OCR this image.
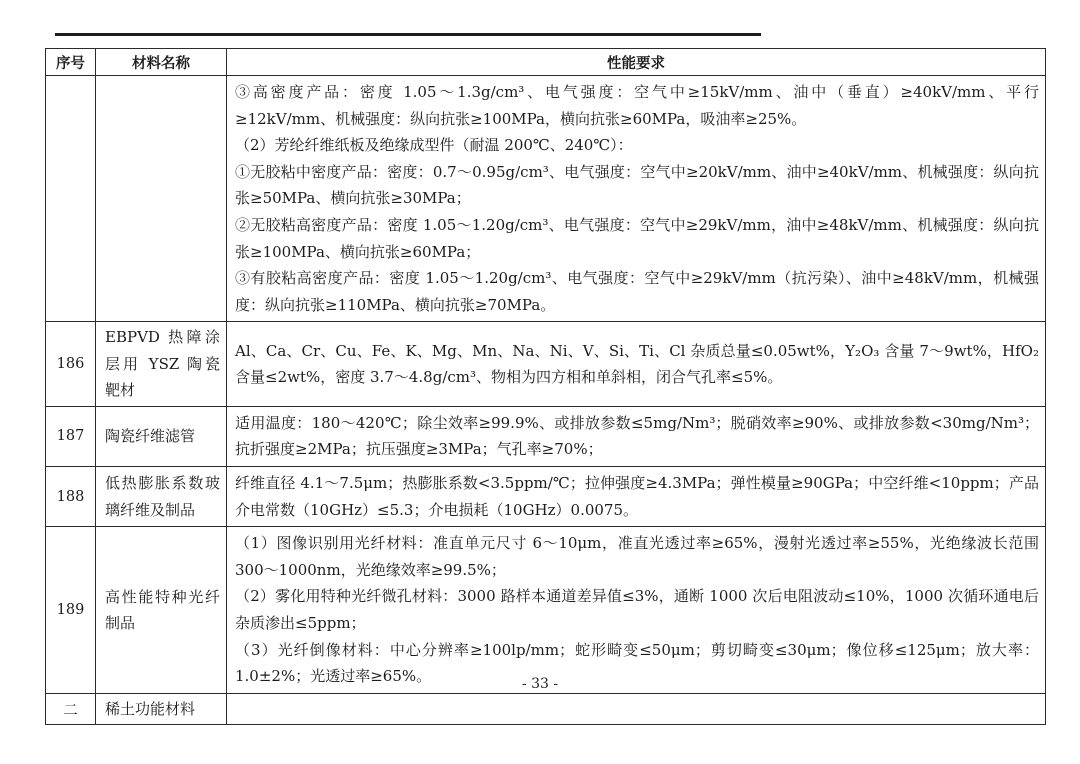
序号	材料名称	性能要求

		③高密度产品：密度 1.05～1.3g/cm³、电气强度：空气中≥15kV/mm、油中（垂直）≥40kV/mm、平行≥12kV/mm、机械强度：纵向抗张≥100MPa，横向抗张≥60MPa，吸油率≥25%。

（2）芳纶纤维纸板及绝缘成型件（耐温 200℃、240℃）：

①无胶粘中密度产品：密度：0.7～0.95g/cm³、电气强度：空气中≥20kV/mm、油中≥40kV/mm、机械强度：纵向抗张≥50MPa、横向抗张≥30MPa；

②无胶粘高密度产品：密度 1.05～1.20g/cm³、电气强度：空气中≥29kV/mm，油中≥48kV/mm、机械强度：纵向抗张≥100MPa、横向抗张≥60MPa；

③有胶粘高密度产品：密度 1.05～1.20g/cm³、电气强度：空气中≥29kV/mm（抗污染）、油中≥48kV/mm，机械强度：纵向抗张≥110MPa、横向抗张≥70MPa。

186	EBPVD 热障涂层用 YSZ 陶瓷靶材	Al、Ca、Cr、Cu、Fe、K、Mg、Mn、Na、Ni、V、Si、Ti、Cl 杂质总量≤0.05wt%，Y₂O₃ 含量 7～9wt%，HfO₂ 含量≤2wt%，密度 3.7～4.8g/cm³、物相为四方相和单斜相，闭合气孔率≤5%。

187	陶瓷纤维滤管	适用温度：180～420℃；除尘效率≥99.9%、或排放参数≤5mg/Nm³；脱硝效率≥90%、或排放参数<30mg/Nm³；抗折强度≥2MPa；抗压强度≥3MPa；气孔率≥70%；

188	低热膨胀系数玻璃纤维及制品	纤维直径 4.1～7.5μm；热膨胀系数<3.5ppm/℃；拉伸强度≥4.3MPa；弹性模量≥90GPa；中空纤维<10ppm；产品介电常数（10GHz）≤5.3；介电损耗（10GHz）0.0075。

189	高性能特种光纤制品	（1）图像识别用光纤材料：准直单元尺寸 6～10μm，准直光透过率≥65%，漫射光透过率≥55%，光绝缘波长范围 300～1000nm，光绝缘效率≥99.5%；

（2）雾化用特种光纤微孔材料：3000 路样本通道差异值≤3%，通断 1000 次后电阻波动≤10%，1000 次循环通电后杂质渗出≤5ppm；

（3）光纤倒像材料：中心分辨率≥100lp/mm；蛇形畸变≤50μm；剪切畸变≤30μm；像位移≤125μm；放大率：1.0±2%；光透过率≥65%。

二	稀土功能材料	
- 33 -
